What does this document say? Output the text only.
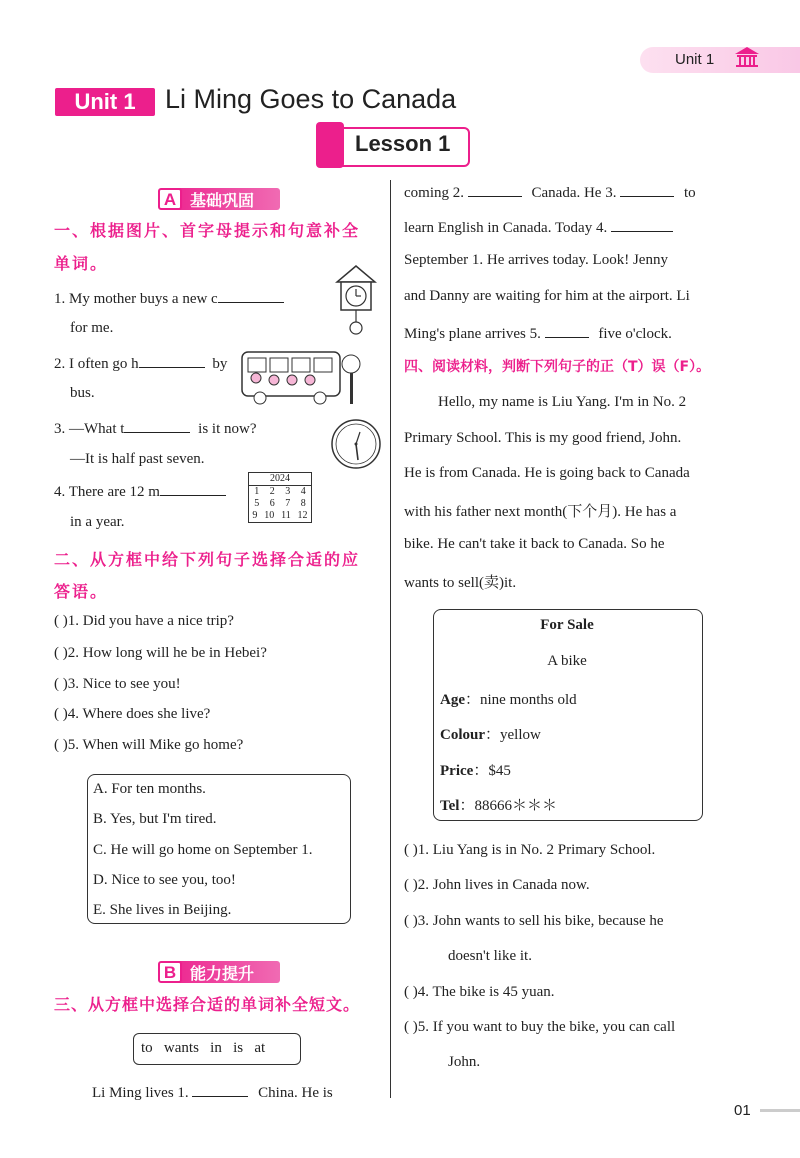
Unit 1
Unit 1	Li Ming Goes to Canada
Lesson 1
A 基础巩固
一、根据图片、首字母提示和句意补全
单词。
1. My mother buys a new c
for me.
2. I often go h	by
bus.
3. —What t	is it now?
—It is half past seven.
4. There are 12 m
in a year.
2024
1 2 3 4
5 6 7 8
9 10 11 12
二、从方框中给下列句子选择合适的应
答语。
( )1. Did you have a nice trip?
( )2. How long will he be in Hebei?
( )3. Nice to see you!
( )4. Where does she live?
( )5. When will Mike go home?
A. For ten months.
B. Yes, but I'm tired.
C. He will go home on September 1.
D. Nice to see you, too!
E. She lives in Beijing.
B 能力提升
三、从方框中选择合适的单词补全短文。
to   wants   in   is   at
Li Ming lives 1.	China. He is
coming 2.	Canada. He 3.	to
learn English in Canada. Today 4.
September 1. He arrives today. Look! Jenny
and Danny are waiting for him at the airport. Li
Ming's plane arrives 5.	five o'clock.
四、阅读材料，判断下列句子的正（T）误（F）。
Hello, my name is Liu Yang. I'm in No. 2
Primary School. This is my good friend, John.
He is from Canada. He is going back to Canada
with his father next month(下个月). He has a
bike. He can't take it back to Canada. So he
wants to sell(卖)it.
For Sale
A bike
Age：nine months old
Colour：yellow
Price：$45
Tel：88666＊＊＊
( )1. Liu Yang is in No. 2 Primary School.
( )2. John lives in Canada now.
( )3. John wants to sell his bike, because he
doesn't like it.
( )4. The bike is 45 yuan.
( )5. If you want to buy the bike, you can call
John.
01
